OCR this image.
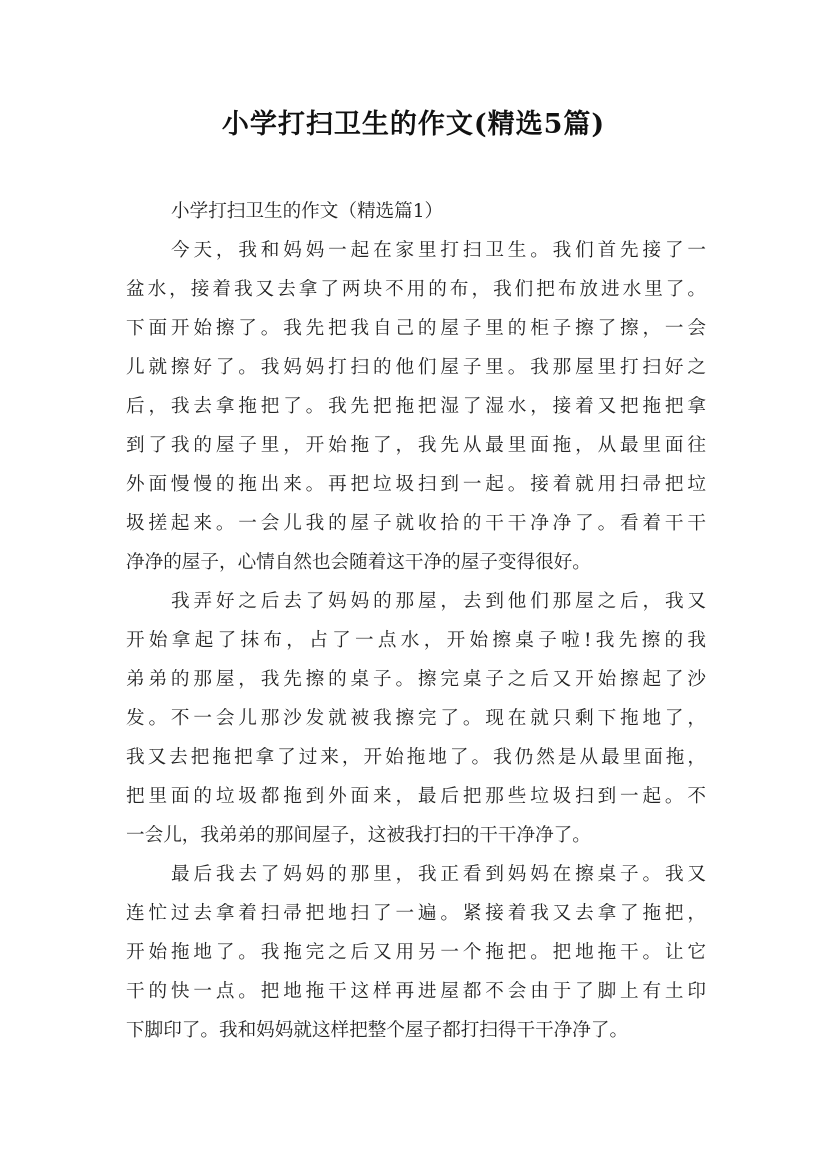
小学打扫卫生的作文(精选5篇)
小学打扫卫生的作文（精选篇1）
今天，我和妈妈一起在家里打扫卫生。我们首先接了一
盆水，接着我又去拿了两块不用的布，我们把布放进水里了。
下面开始擦了。我先把我自己的屋子里的柜子擦了擦，一会
儿就擦好了。我妈妈打扫的他们屋子里。我那屋里打扫好之
后，我去拿拖把了。我先把拖把湿了湿水，接着又把拖把拿
到了我的屋子里，开始拖了，我先从最里面拖，从最里面往
外面慢慢的拖出来。再把垃圾扫到一起。接着就用扫帚把垃
圾搓起来。一会儿我的屋子就收拾的干干净净了。看着干干
净净的屋子，心情自然也会随着这干净的屋子变得很好。
我弄好之后去了妈妈的那屋，去到他们那屋之后，我又
开始拿起了抹布，占了一点水，开始擦桌子啦!我先擦的我
弟弟的那屋，我先擦的桌子。擦完桌子之后又开始擦起了沙
发。不一会儿那沙发就被我擦完了。现在就只剩下拖地了，
我又去把拖把拿了过来，开始拖地了。我仍然是从最里面拖，
把里面的垃圾都拖到外面来，最后把那些垃圾扫到一起。不
一会儿，我弟弟的那间屋子，这被我打扫的干干净净了。
最后我去了妈妈的那里，我正看到妈妈在擦桌子。我又
连忙过去拿着扫帚把地扫了一遍。紧接着我又去拿了拖把，
开始拖地了。我拖完之后又用另一个拖把。把地拖干。让它
干的快一点。把地拖干这样再进屋都不会由于了脚上有土印
下脚印了。我和妈妈就这样把整个屋子都打扫得干干净净了。
